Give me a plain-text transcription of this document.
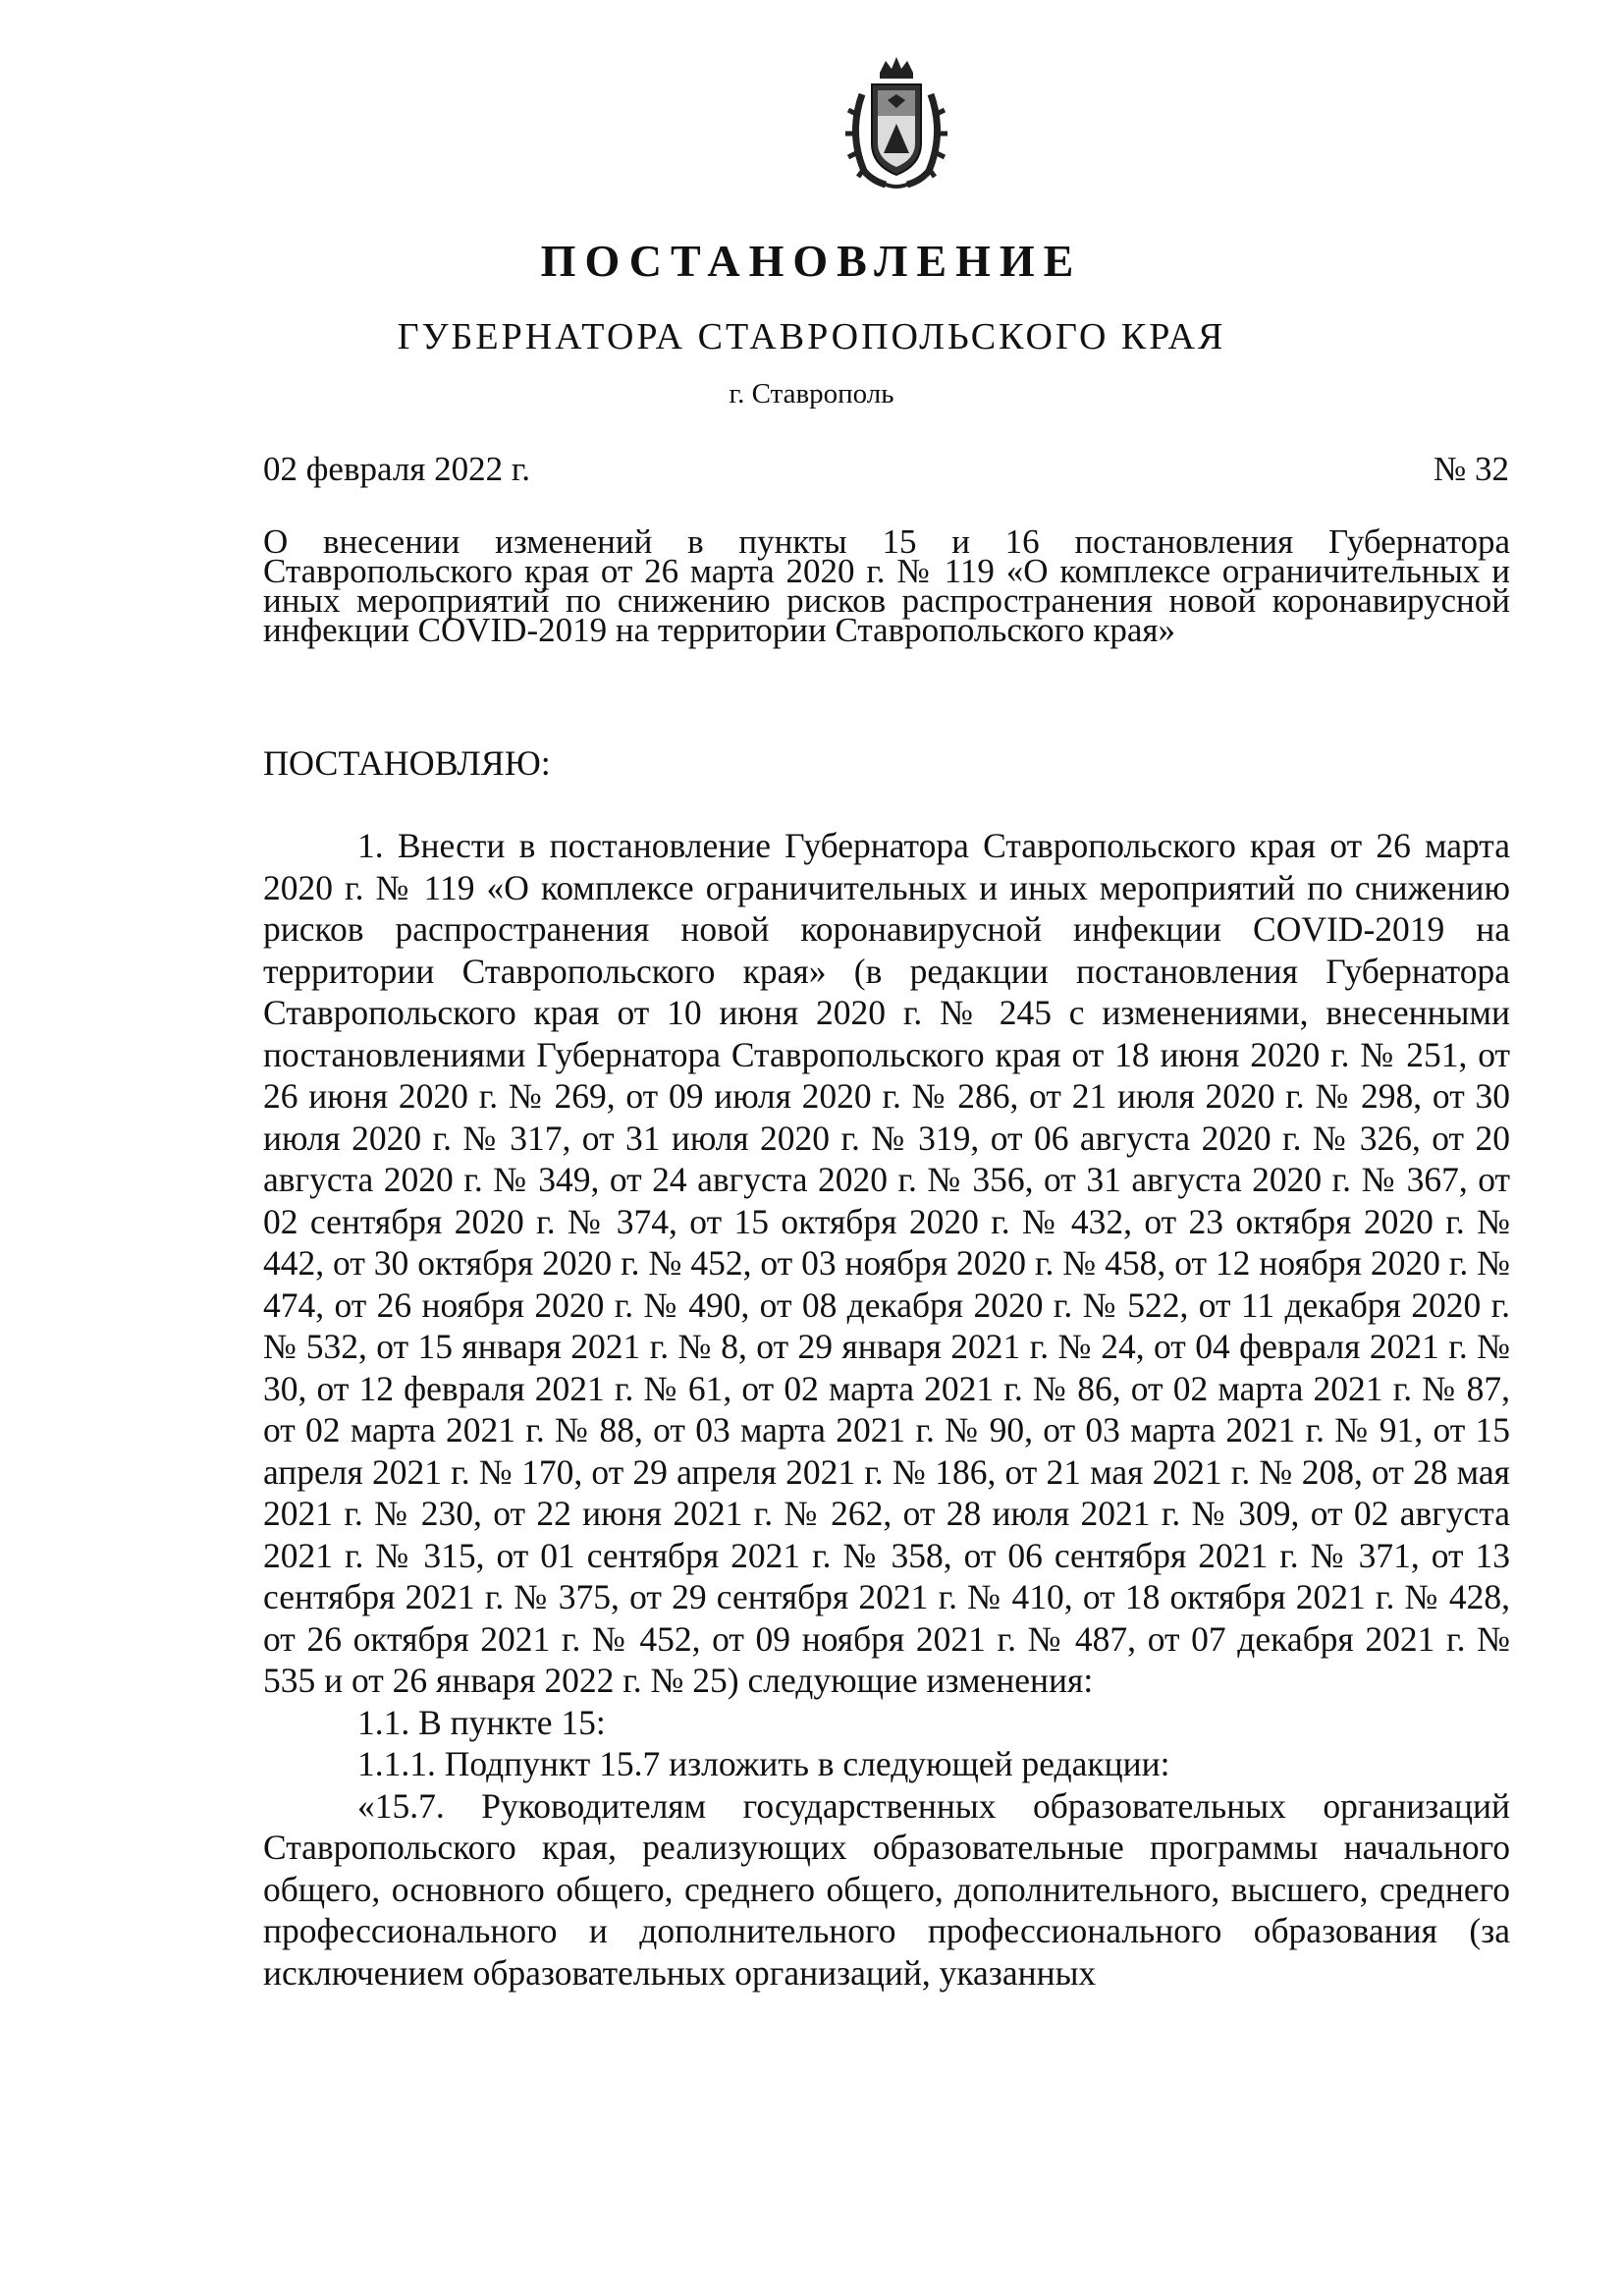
ПОСТАНОВЛЕНИЕ
ГУБЕРНАТОРА СТАВРОПОЛЬСКОГО КРАЯ
г. Ставрополь
02 февраля 2022 г.	№ 32
О внесении изменений в пункты 15 и 16 постановления Губернатора Ставропольского края от 26 марта 2020 г. № 119 «О комплексе ограничительных и иных мероприятий по снижению рисков распространения новой коронавирусной инфекции COVID-2019 на территории Ставропольского края»
ПОСТАНОВЛЯЮ:

1. Внести в постановление Губернатора Ставропольского края от 26 марта 2020 г. № 119 «О комплексе ограничительных и иных мероприятий по снижению рисков распространения новой коронавирусной инфекции COVID-2019 на территории Ставропольского края» (в редакции постановления Губернатора Ставропольского края от 10 июня 2020 г. № 245 с изменениями, внесенными постановлениями Губернатора Ставропольского края от 18 июня 2020 г. № 251, от 26 июня 2020 г. № 269, от 09 июля 2020 г. № 286, от 21 июля 2020 г. № 298, от 30 июля 2020 г. № 317, от 31 июля 2020 г. № 319, от 06 августа 2020 г. № 326, от 20 августа 2020 г. № 349, от 24 августа 2020 г. № 356, от 31 августа 2020 г. № 367, от 02 сентября 2020 г. № 374, от 15 октября 2020 г. № 432, от 23 октября 2020 г. № 442, от 30 октября 2020 г. № 452, от 03 ноября 2020 г. № 458, от 12 ноября 2020 г. № 474, от 26 ноября 2020 г. № 490, от 08 декабря 2020 г. № 522, от 11 декабря 2020 г. № 532, от 15 января 2021 г. № 8, от 29 января 2021 г. № 24, от 04 февраля 2021 г. № 30, от 12 февраля 2021 г. № 61, от 02 марта 2021 г. № 86, от 02 марта 2021 г. № 87, от 02 марта 2021 г. № 88, от 03 марта 2021 г. № 90, от 03 марта 2021 г. № 91, от 15 апреля 2021 г. № 170, от 29 апреля 2021 г. № 186, от 21 мая 2021 г. № 208, от 28 мая 2021 г. № 230, от 22 июня 2021 г. № 262, от 28 июля 2021 г. № 309, от 02 августа 2021 г. № 315, от 01 сентября 2021 г. № 358, от 06 сентября 2021 г. № 371, от 13 сентября 2021 г. № 375, от 29 сентября 2021 г. № 410, от 18 октября 2021 г. № 428, от 26 октября 2021 г. № 452, от 09 ноября 2021 г. № 487, от 07 декабря 2021 г. № 535 и от 26 января 2022 г. № 25) следующие изменения:

1.1. В пункте 15:

1.1.1. Подпункт 15.7 изложить в следующей редакции:

«15.7. Руководителям государственных образовательных организаций Ставропольского края, реализующих образовательные программы начального общего, основного общего, среднего общего, дополнительного, высшего, среднего профессионального и дополнительного профессионального образования (за исключением образовательных организаций, указанных
